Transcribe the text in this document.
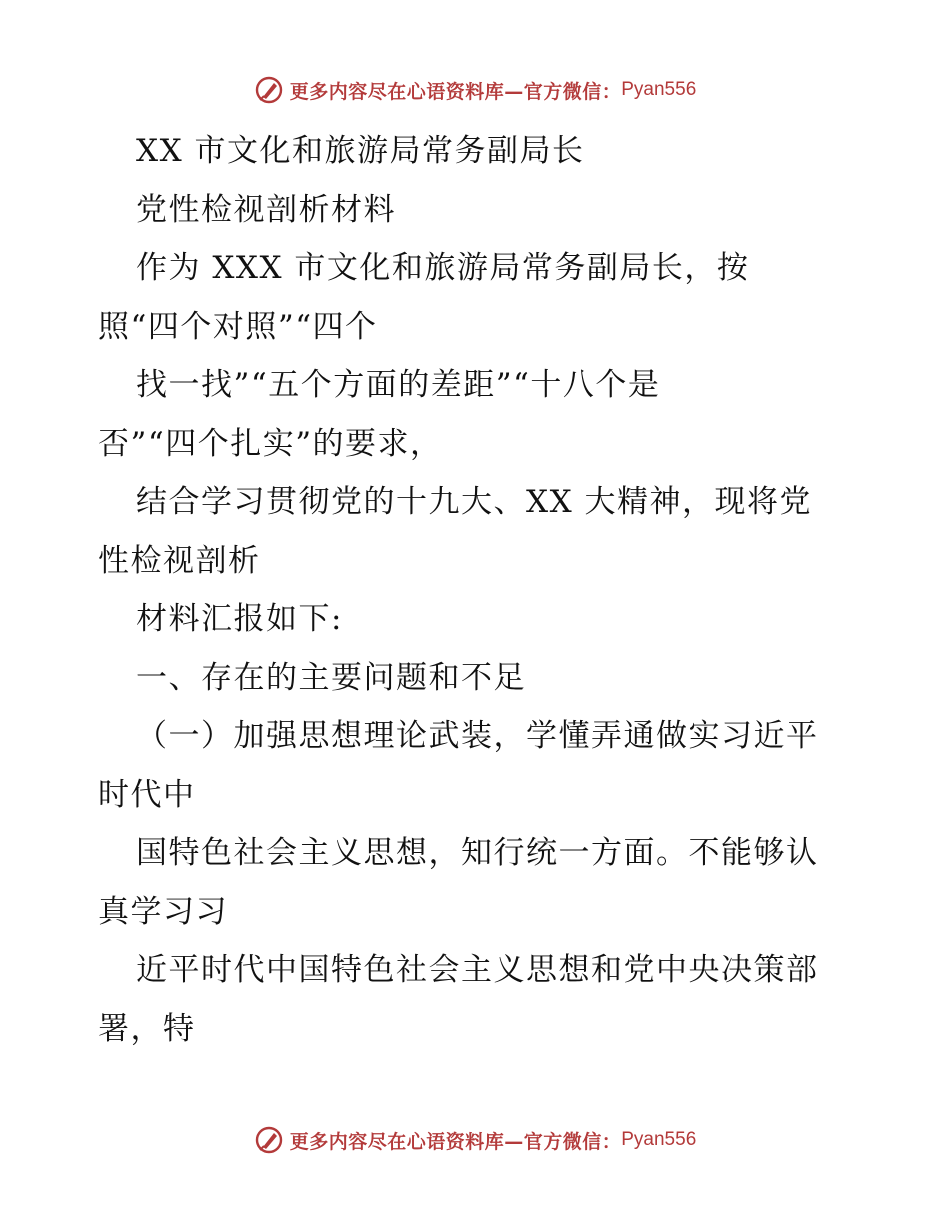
更多内容尽在心语资料库—官方微信： Pyan556
XX 市文化和旅游局常务副局长
党性检视剖析材料
作为 XXX 市文化和旅游局常务副局长，按
照“四个对照”“四个
找一找”“五个方面的差距”“十八个是
否”“四个扎实”的要求，
结合学习贯彻党的十九大、XX 大精神，现将党
性检视剖析
材料汇报如下:
一、存在的主要问题和不足
（一）加强思想理论武装，学懂弄通做实习近平
时代中
国特色社会主义思想，知行统一方面。不能够认
真学习习
近平时代中国特色社会主义思想和党中央决策部
署，特
更多内容尽在心语资料库—官方微信： Pyan556
